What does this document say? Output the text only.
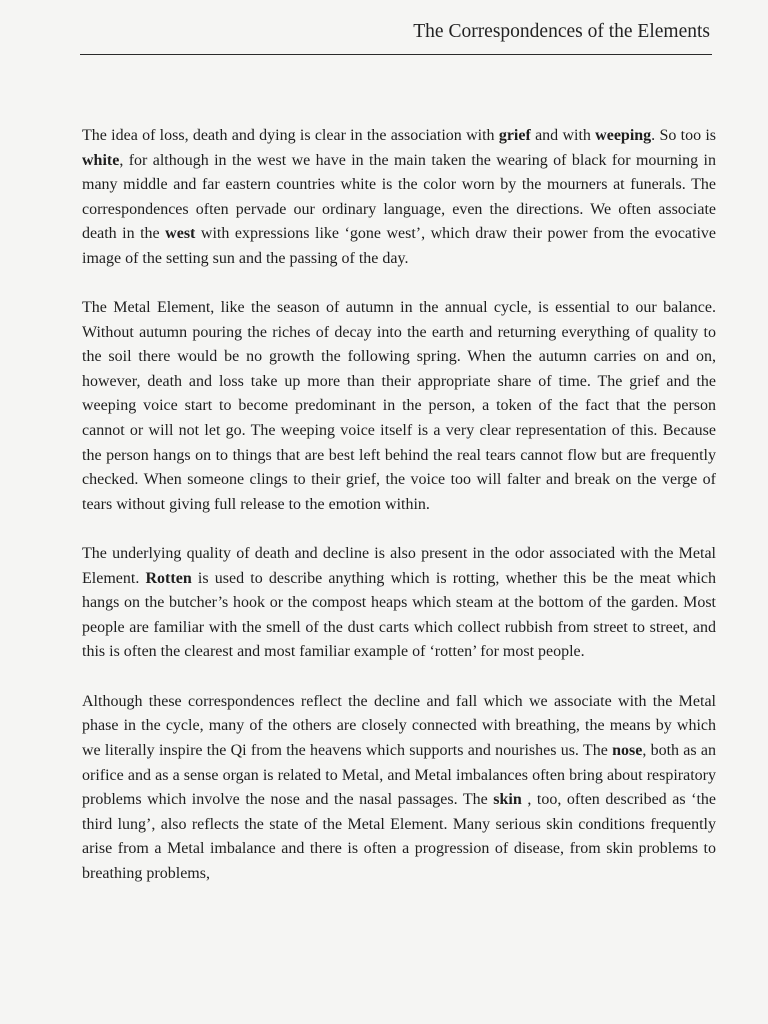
The Correspondences of the Elements

The idea of loss, death and dying is clear in the association with grief and with weeping. So too is white, for although in the west we have in the main taken the wearing of black for mourning in many middle and far eastern countries white is the color worn by the mourners at funerals. The correspondences often pervade our ordinary language, even the directions. We often associate death in the west with expressions like ‘gone west’, which draw their power from the evocative image of the setting sun and the passing of the day.

The Metal Element, like the season of autumn in the annual cycle, is essential to our balance. Without autumn pouring the riches of decay into the earth and returning everything of quality to the soil there would be no growth the following spring. When the autumn carries on and on, however, death and loss take up more than their appropriate share of time. The grief and the weeping voice start to become predominant in the person, a token of the fact that the person cannot or will not let go. The weeping voice itself is a very clear representation of this. Because the person hangs on to things that are best left behind the real tears cannot flow but are frequently checked. When someone clings to their grief, the voice too will falter and break on the verge of tears without giving full release to the emotion within.

The underlying quality of death and decline is also present in the odor associated with the Metal Element. Rotten is used to describe anything which is rotting, whether this be the meat which hangs on the butcher’s hook or the compost heaps which steam at the bottom of the garden. Most people are familiar with the smell of the dust carts which collect rubbish from street to street, and this is often the clearest and most familiar example of ‘rotten’ for most people.

Although these correspondences reflect the decline and fall which we associate with the Metal phase in the cycle, many of the others are closely connected with breathing, the means by which we literally inspire the Qi from the heavens which supports and nourishes us. The nose, both as an orifice and as a sense organ is related to Metal, and Metal imbalances often bring about respiratory problems which involve the nose and the nasal passages. The skin , too, often described as ‘the third lung’, also reflects the state of the Metal Element. Many serious skin conditions frequently arise from a Metal imbalance and there is often a progression of disease, from skin problems to breathing problems,
